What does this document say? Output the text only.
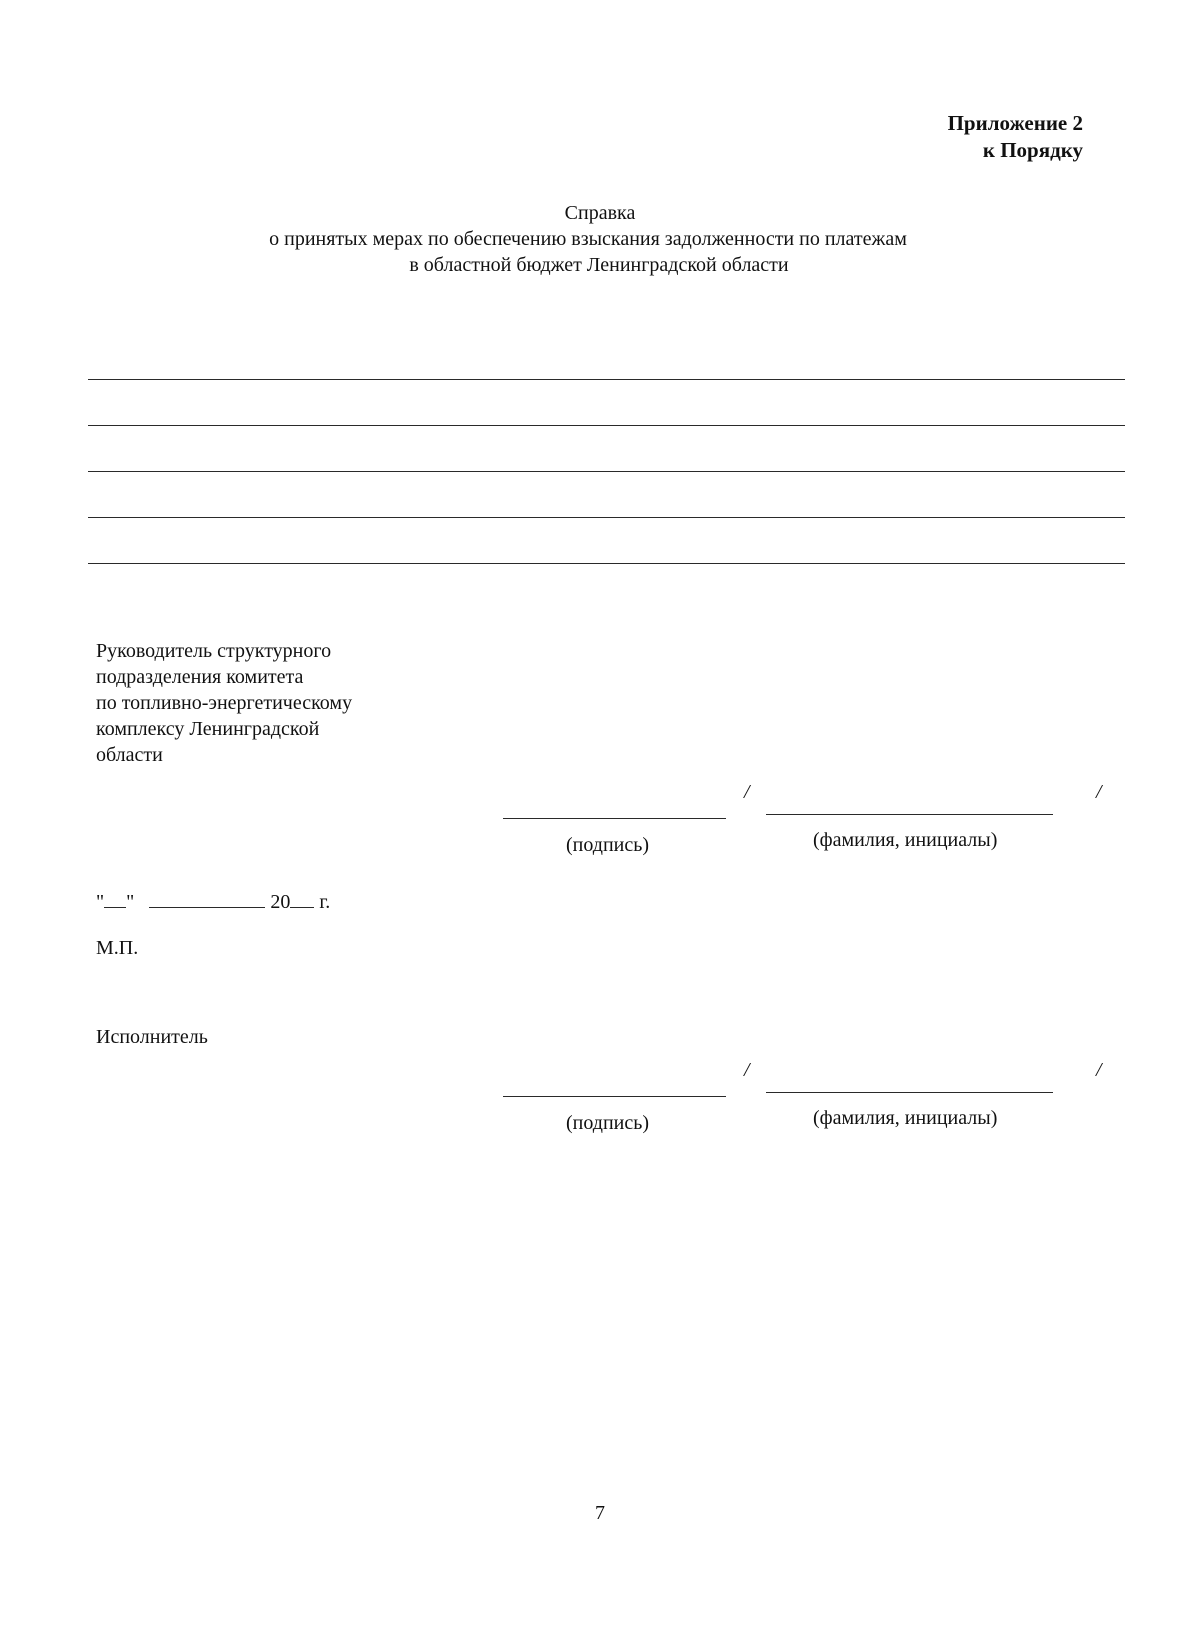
Приложение 2
к Порядку
Справка
о принятых мерах по обеспечению взыскания задолженности по платежам
в областной бюджет Ленинградской области
Руководитель структурного
подразделения комитета
по топливно-энергетическому
комплексу Ленинградской
области
/	/
(подпись)	(фамилия, инициалы)
" "	20 г.
М.П.
Исполнитель
/	/
(подпись)	(фамилия, инициалы)
7
